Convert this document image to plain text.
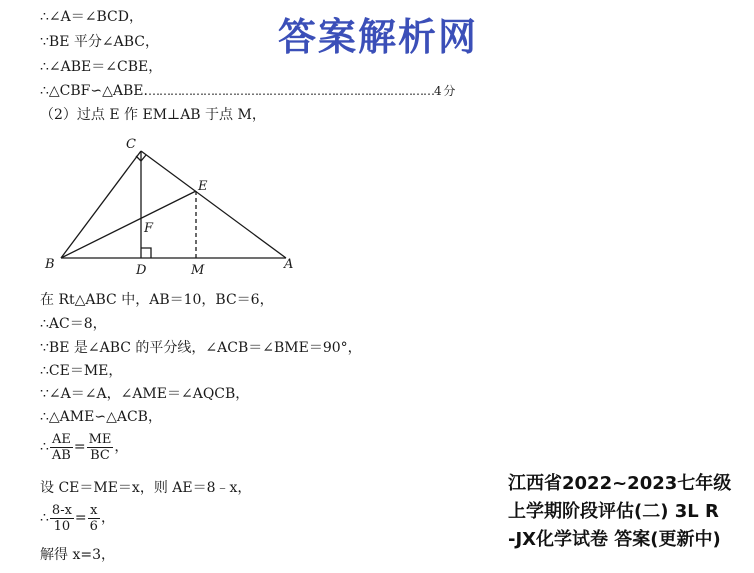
答案解析网
∴∠A＝∠BCD，
∵BE 平分∠ABC，
∴∠ABE＝∠CBE，
∴△CBF∽△ABE.……………………………………………………………………4 分
（2）过点 E 作 EM⊥AB 于点 M，
C
E
F
B	D	M	A
在 Rt△ABC 中，AB＝10，BC＝6，
∴AC＝8，
∵BE 是∠ABC 的平分线，∠ACB＝∠BME＝90°，
∴CE＝ME，
∵∠A＝∠A，∠AME＝∠AQCB，
∴△AME∽△ACB，
∴ $\frac{AE}{AB} = \frac{ME}{BC}$ ，
设 CE＝ME＝x，则 AE＝8﹣x，
∴ $\frac{8-x}{10} = \frac{x}{6}$ ，
解得 x=3，
江西省2022~2023七年级
上学期阶段评估(二) 3L R
-JX化学试卷 答案(更新中)
